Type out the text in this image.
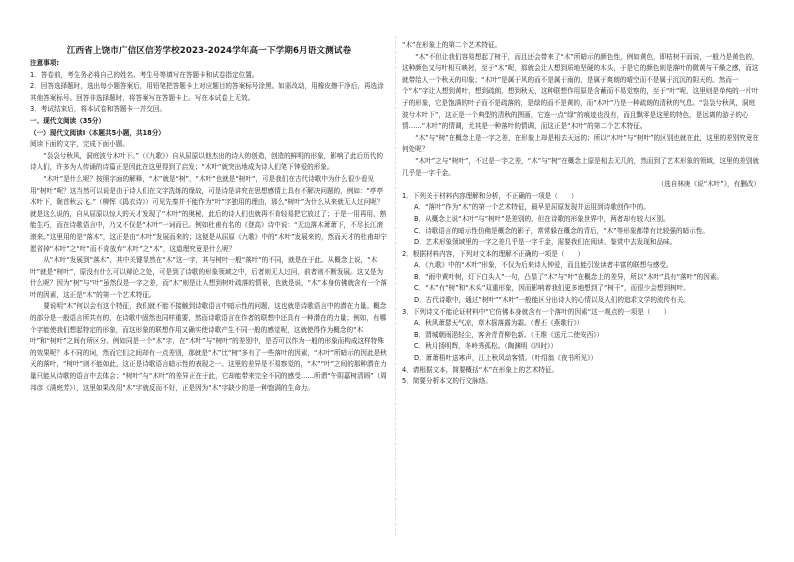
江西省上饶市广信区信芳学校2023-2024学年高一下学期6月语文测试卷

注意事项:

1．答卷前，考生务必将自己的姓名、考生号等填写在答题卡和试卷指定位置。

2．回答选择题时，选出每小题答案后，用铅笔把答题卡上对应题目的答案标号涂黑。如需改动，用橡皮擦干净后，再选涂其他答案标号。回答非选择题时，将答案写在答题卡上。写在本试卷上无效。

3．考试结束后，将本试卷和答题卡一并交回。

一、现代文阅读（35分）

（一）现代文阅读Ⅰ（本题共5小题，共18分）

阅读下面的文字，完成下面小题。

“袅袅兮秋风，洞庭波兮木叶下。”（《九歌》）自从屈原以他杰出的诗人的创造，创造的鲜明的形象，影响了此后历代的诗人们，许多为人传诵的诗篇正是因此在这里得到了启发；“木叶”就突出地成为诗人们笔下钟爱的形象。

“木叶”是什么呢？按照字面的解释，“木”就是“树”，“木叶”也就是“树叶”，可是我们在古代诗歌中为什么很少看见用“树叶”呢？这当然可以说是由于诗人们在文字洗练的缘故，可是诗是讲究在思想感情上具有不解决问题的，例如：“亭亭木叶下，陇首秋云飞。”（柳恽《捣衣诗》）可见先秦并不能作为“叶”字独用的理由，那么“树叶”为什么从来就无人过问呢？就是这么说的，自从屈原以惊人的天才发现了“木叶”的奥秘，此后的诗人们也就再不肯轻易把它放过了；于是一用再用，熟能生巧，而在诗歌语言中，乃又不仅是“木叶”一词而已。例如杜甫有名的《登高》诗中说：“无边落木萧萧下，不尽长江滚滚来。”这里用的是“落木”，这正是由“木叶”发展而来的；这便是从屈原《九歌》中的“木叶”发展来的，然而天才的杜甫却宁愿省掉“木叶”之“叶”而不肯放弃“木叶”之“木”，这道理究竟是什么呢？

从“木叶”发展到“落木”，其中关键显然在“木”这一字，其与树叶一般“落叶”的不同，就是在于此。从概念上说，“木叶”就是“树叶”，原没有什么可以辩论之处，可是到了诗歌的形象领域之中，后者则无人过问，前者则不断发展。这又是为什么呢？因为“树”与“叶”虽然仅是一字之差，而“木”则是让人想到树叶疏落的情景，也就是说，“木”本身仿佛就含有一个落叶的因素，这正是“木”的第一个艺术特征。

要说明“木”何以会有这个特征，我们就不能不接触到诗歌语言中暗示性的问题，这也就是诗歌语言中的潜在力量。概念的部分是一般语言所共有的，在诗歌中固然也同样重要，然而诗歌语言在作者的联想中还具有一种潜在的力量；例如，有哪个字能使我们想起特定的形象，而这形象的联想作用又确实使诗歌产生不同一般的感觉呢，这就使得作为概念的“木叶”和“树叶”之间有所区分。例如同是一个“木”字，在“木叶”与“树叶”的差别中，是否可以作为一般的形象而构成这样特殊的效果呢？本不同的词，然而它们之间却有一点差别，那就是“木”比“树”多有了一些落叶的因素，“木叶”所暗示的因此是秋天的落叶，“树叶”则不能如此，这正是诗歌语言暗示性的表现之一。这里的差异是不易察觉的，“木”“叶”之间的那种潜在力量只能从诗歌的语言中去体会；“树叶”与“木叶”的差异正在于此，它却能带来完全不同的感受……所谓“午阴嘉树清圆”（周邦彦《满庭芳》），这里如果改用“木”字就反而不好，正是因为“木”字缺少的是一种饱满的生命力。

“木”在形象上的第二个艺术特征。

“木”不但让我们容易想起了树干，而且还会带来了“木”所暗示的颜色性，例如黄色，即枯树干而说，一般乃是黄色的，这种颜色又与叶相互映衬，至于“木”呢，那就会让人想到质地坚硬的木头，于是它的颜色则是落叶的微黄与干燥之感，而这就带给人一个秋天的印象；“木叶”是属于风的而不是属于雨的，是属于爽朗的晴空而不是属于沉沉的阴天的。然而一个“木”字让人想到黄叶，想到疏朗，想到秋天，这种联想作用原是含蓄而不易觉察的，至于“叶”呢，这里则是单纯的一片叶子的形象，它是饱满的叶子而不是疏落的，是绿的而不是黄的，而“木叶”乃是一种疏朗的清秋的气息。“袅袅兮秋风，洞庭波兮木叶下”，这正是一个典型的清秋的图画，它连一点“绿”的痕迹也没有，而且飘零是这里的特色，是远离的游子的心情……“木叶”的情调，尤其是一种落叶的情调，而这正是“木叶”的第二个艺术特征。

“木”与“树”在概念上是一字之差，在形象上却是相去天远的；所以“木叶”与“树叶”的区别也就在此，这里的差别究竟在何处呢？

“木叶”之与“树叶”，不过是一字之差，“木”与“树”在概念上原是相去无几的，然而到了艺术形象的领域，这里的差别就几乎是一字千金。

（选自林庚《说“木叶”》，有删改）

1．下列关于材料内容理解和分析，不正确的一项是（　　）

A．“落叶”作为“木”的第一个艺术特征，最早是屈原发现并运用到诗歌创作中的。

B．从概念上说“木叶”与“树叶”是差别的，但在诗歌的形象世界中，两者却有较大区别。

C．诗歌语言的暗示性仿佛是概念的影子，常常躲在概念的背后，“木”等形象都带有比较强的暗示性。

D．艺术形象领域里的一字之差几乎是一字千金，需要我们在阅读、鉴赏中去发现和品味。

2．根据材料内容，下列对文本的理解不正确的一项是（　　）

A．《九歌》中的“木叶”形象，不仅为后来诗人钟爱，而且能引发读者丰富的联想与感受。

B．“雨中黄叶树，灯下白头人”一句，凸显了“木”与“叶”在概念上的差异，所以“木叶”具有“落叶”的因素。

C．“木”有“树”和“木头”双重形象，因而影响着我们更多地想到了“树干”，而很少会想到树叶。

D．古代诗歌中，通过“树叶”“木叶”一般能区分出诗人的心情以及人们的追求文学的流传有关。

3．下列诗文不能论证材料中“它仿佛本身就含有一个落叶的因素”这一观点的一项是（　　）

A．秋风萧瑟天气凉，草木摇落露为霜。（曹丕《燕歌行》）

B．渭城朝雨浥轻尘，客舍青青柳色新。（王维《送元二使安西》）

C．秋月扬明辉，冬岭秀孤松。（陶渊明《四时》）

D．萧萧梧叶送寒声，江上秋风动客情。（叶绍翁《夜书所见》）

4．请根据文本，简要概括“木”在形象上的艺术特征。

5．简要分析本文的行文脉络。
